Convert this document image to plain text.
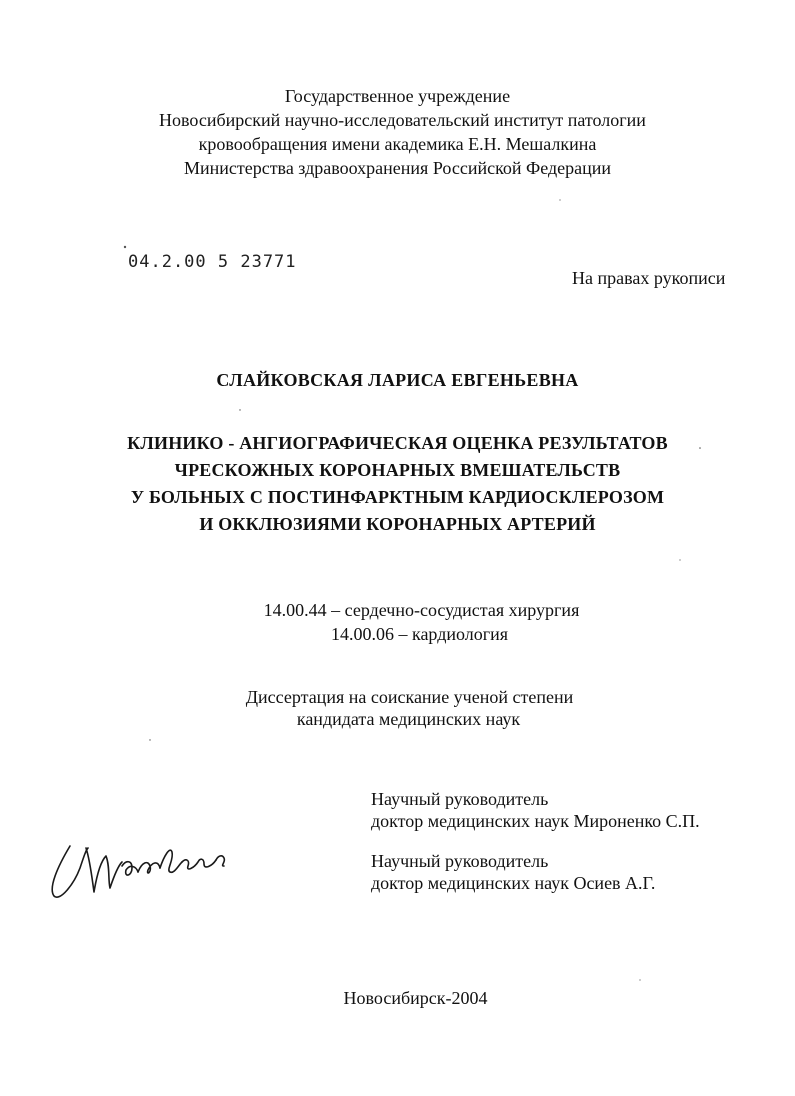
Государственное учреждение
Новосибирский научно-исследовательский институт патологии
кровообращения имени академика Е.Н. Мешалкина
Министерства здравоохранения Российской Федерации
04.2.00 5 23771
На правах рукописи
СЛАЙКОВСКАЯ ЛАРИСА ЕВГЕНЬЕВНА
КЛИНИКО - АНГИОГРАФИЧЕСКАЯ ОЦЕНКА РЕЗУЛЬТАТОВ
ЧРЕСКОЖНЫХ КОРОНАРНЫХ ВМЕШАТЕЛЬСТВ
У БОЛЬНЫХ С ПОСТИНФАРКТНЫМ КАРДИОСКЛЕРОЗОМ
И ОККЛЮЗИЯМИ КОРОНАРНЫХ АРТЕРИЙ
14.00.44 – сердечно-сосудистая хирургия
14.00.06 – кардиология
Диссертация на соискание ученой степени
кандидата медицинских наук
Научный руководитель
доктор медицинских наук Мироненко С.П.
Научный руководитель
доктор медицинских наук Осиев А.Г.
Новосибирск-2004
